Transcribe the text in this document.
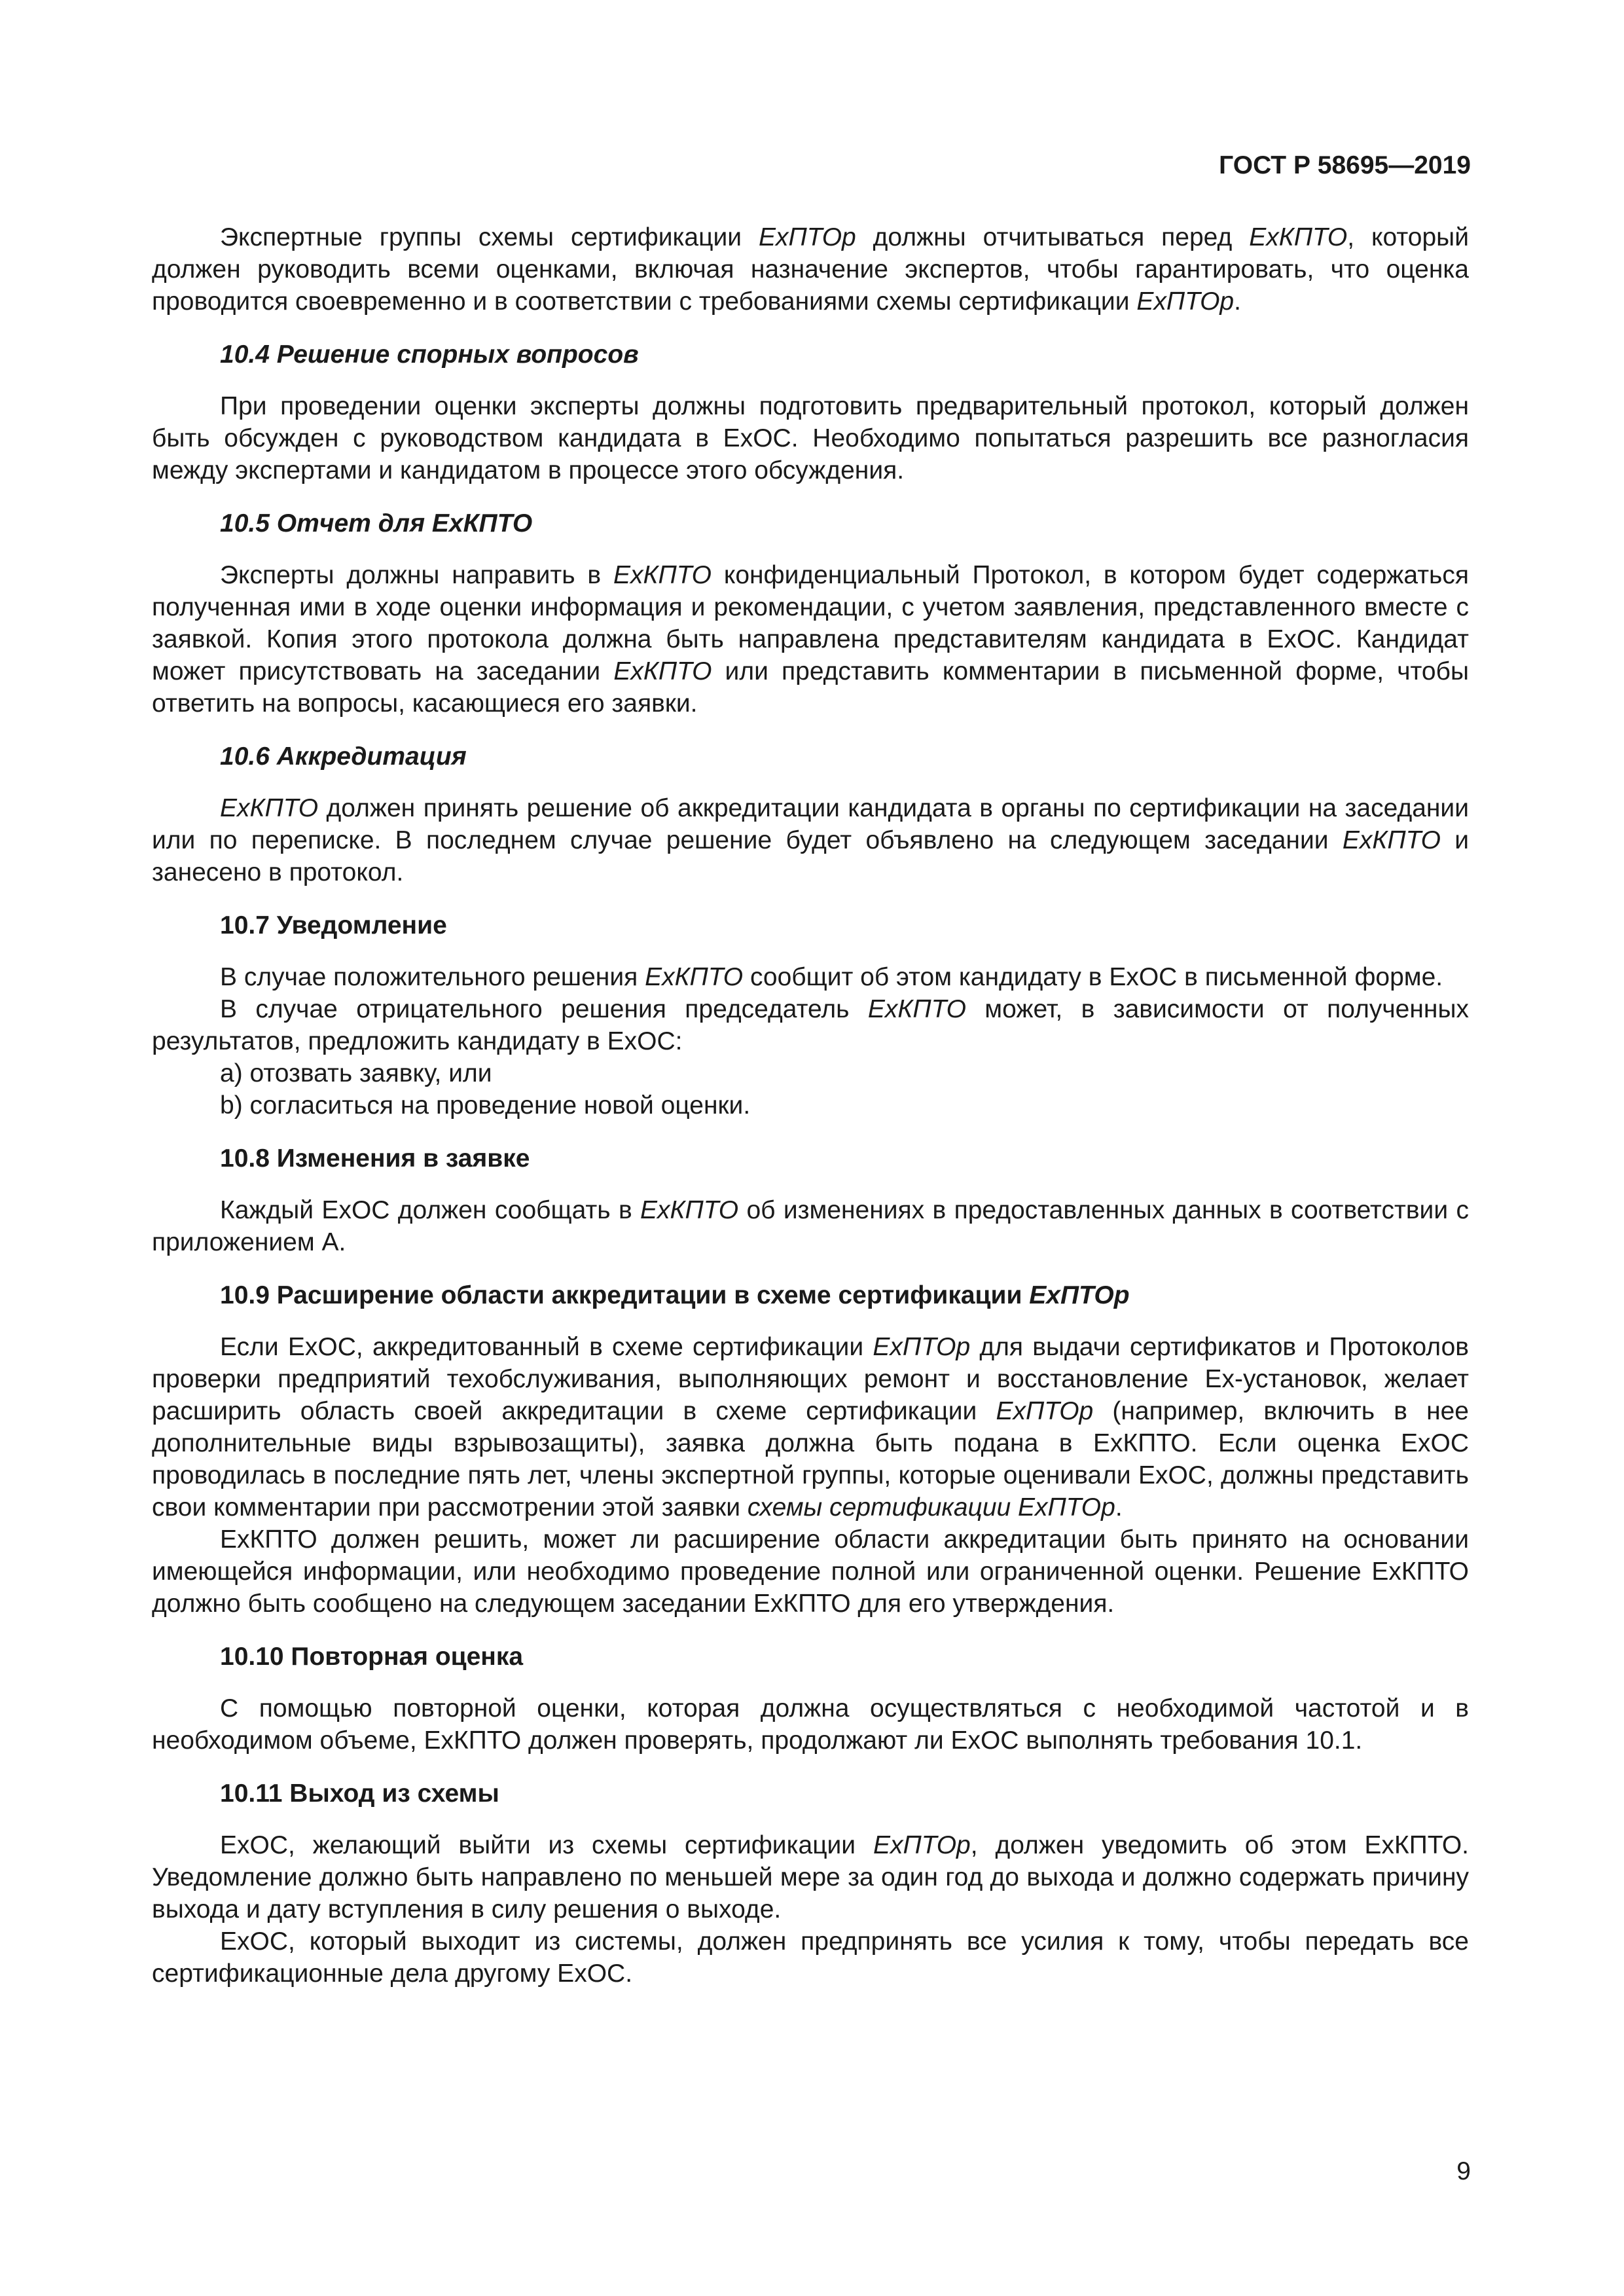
ГОСТ Р 58695—2019

Экспертные группы схемы сертификации ExПТОр должны отчитываться перед ExКПТО, который должен руководить всеми оценками, включая назначение экспертов, чтобы гарантировать, что оценка проводится своевременно и в соответствии с требованиями схемы сертификации ExПТОр.

10.4 Решение спорных вопросов

При проведении оценки эксперты должны подготовить предварительный протокол, который должен быть обсужден с руководством кандидата в ExОС. Необходимо попытаться разрешить все разногласия между экспертами и кандидатом в процессе этого обсуждения.

10.5 Отчет для ExКПТО

Эксперты должны направить в ExКПТО конфиденциальный Протокол, в котором будет содержаться полученная ими в ходе оценки информация и рекомендации, с учетом заявления, представленного вместе с заявкой. Копия этого протокола должна быть направлена представителям кандидата в ExОС. Кандидат может присутствовать на заседании ExКПТО или представить комментарии в письменной форме, чтобы ответить на вопросы, касающиеся его заявки.

10.6 Аккредитация

ExКПТО должен принять решение об аккредитации кандидата в органы по сертификации на заседании или по переписке. В последнем случае решение будет объявлено на следующем заседании ExКПТО и занесено в протокол.

10.7 Уведомление

В случае положительного решения ExКПТО сообщит об этом кандидату в ExОС в письменной форме.

В случае отрицательного решения председатель ExКПТО может, в зависимости от полученных результатов, предложить кандидату в ExОС:

a) отозвать заявку, или

b) согласиться на проведение новой оценки.

10.8 Изменения в заявке

Каждый ExОС должен сообщать в ExКПТО об изменениях в предоставленных данных в соответствии с приложением А.

10.9 Расширение области аккредитации в схеме сертификации ExПТОр

Если ExОС, аккредитованный в схеме сертификации ExПТОр для выдачи сертификатов и Протоколов проверки предприятий техобслуживания, выполняющих ремонт и восстановление Ex-установок, желает расширить область своей аккредитации в схеме сертификации ExПТОр (например, включить в нее дополнительные виды взрывозащиты), заявка должна быть подана в ExКПТО. Если оценка ExОС проводилась в последние пять лет, члены экспертной группы, которые оценивали ExОС, должны представить свои комментарии при рассмотрении этой заявки схемы сертификации ExПТОр.

ExКПТО должен решить, может ли расширение области аккредитации быть принято на основании имеющейся информации, или необходимо проведение полной или ограниченной оценки. Решение ExКПТО должно быть сообщено на следующем заседании ExКПТО для его утверждения.

10.10 Повторная оценка

С помощью повторной оценки, которая должна осуществляться с необходимой частотой и в необходимом объеме, ExКПТО должен проверять, продолжают ли ExОС выполнять требования 10.1.

10.11 Выход из схемы

ExОС, желающий выйти из схемы сертификации ExПТОр, должен уведомить об этом ExКПТО. Уведомление должно быть направлено по меньшей мере за один год до выхода и должно содержать причину выхода и дату вступления в силу решения о выходе.

ExОС, который выходит из системы, должен предпринять все усилия к тому, чтобы передать все сертификационные дела другому ExОС.

9
